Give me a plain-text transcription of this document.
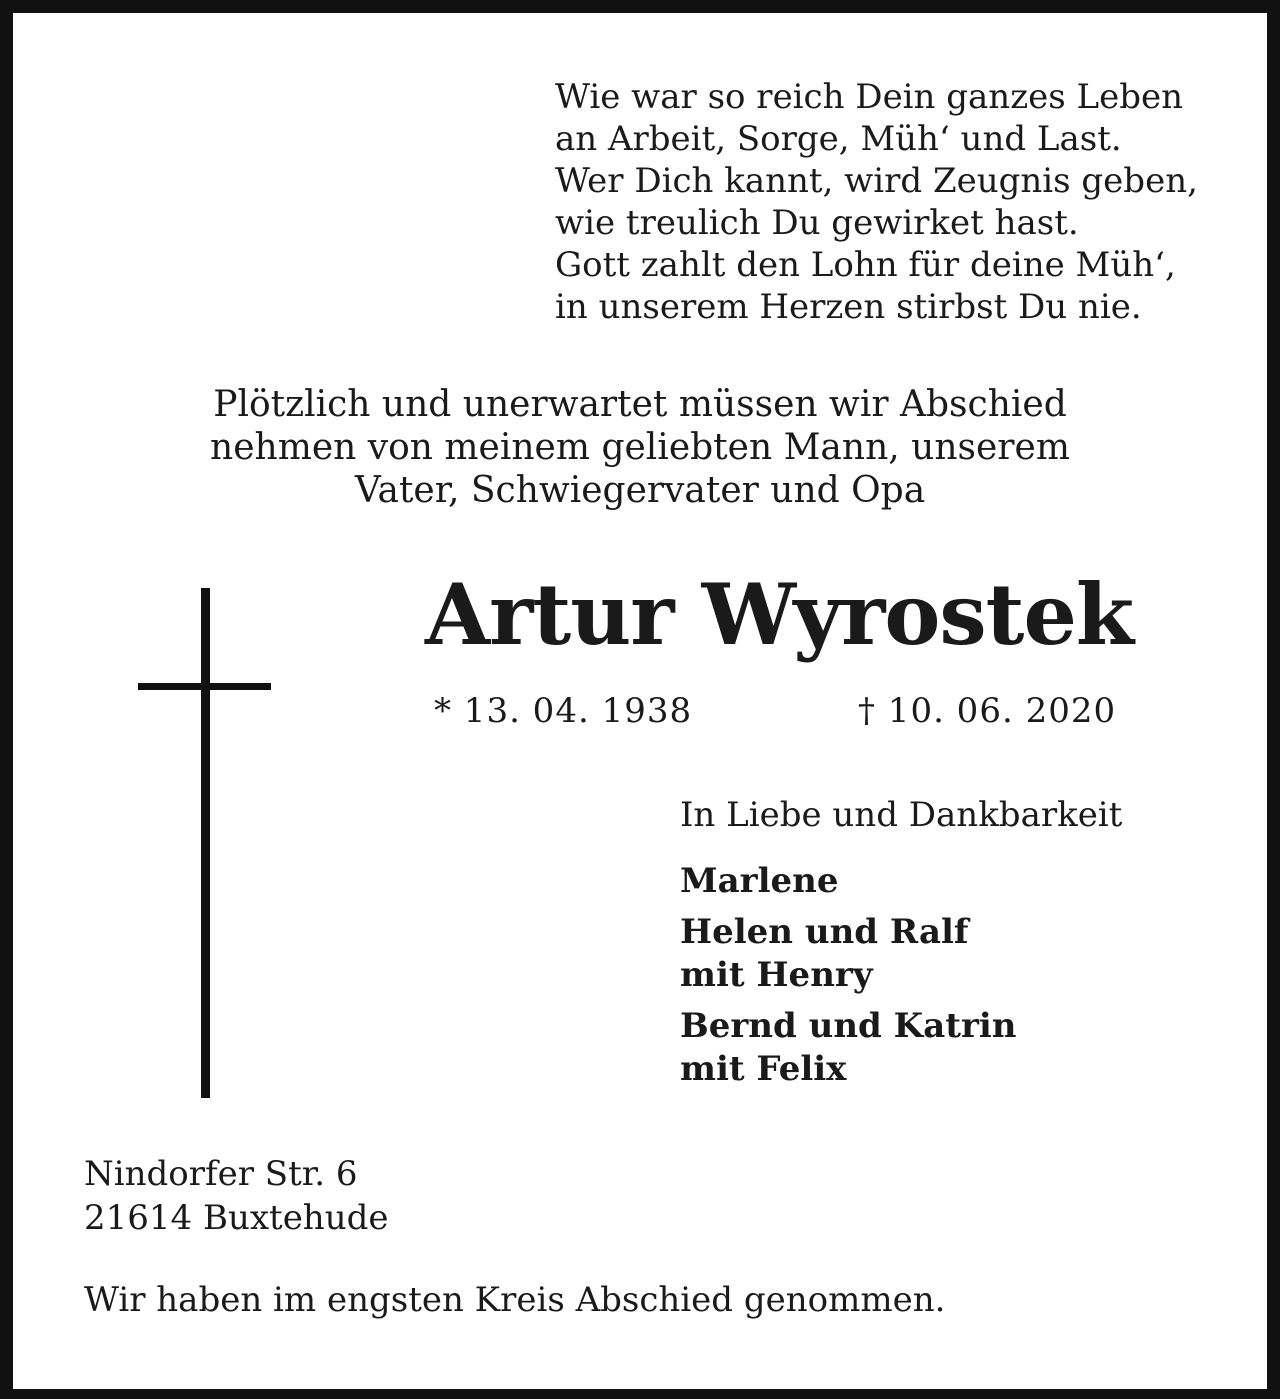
Wie war so reich Dein ganzes Leben
an Arbeit, Sorge, Müh‘ und Last.
Wer Dich kannt, wird Zeugnis geben,
wie treulich Du gewirket hast.
Gott zahlt den Lohn für deine Müh‘,
in unserem Herzen stirbst Du nie.
Plötzlich und unerwartet müssen wir Abschied
nehmen von meinem geliebten Mann, unserem
Vater, Schwiegervater und Opa
Artur Wyrostek
* 13. 04. 1938	† 10. 06. 2020
In Liebe und Dankbarkeit
Marlene
Helen und Ralf
mit Henry
Bernd und Katrin
mit Felix
Nindorfer Str. 6
21614 Buxtehude
Wir haben im engsten Kreis Abschied genommen.
